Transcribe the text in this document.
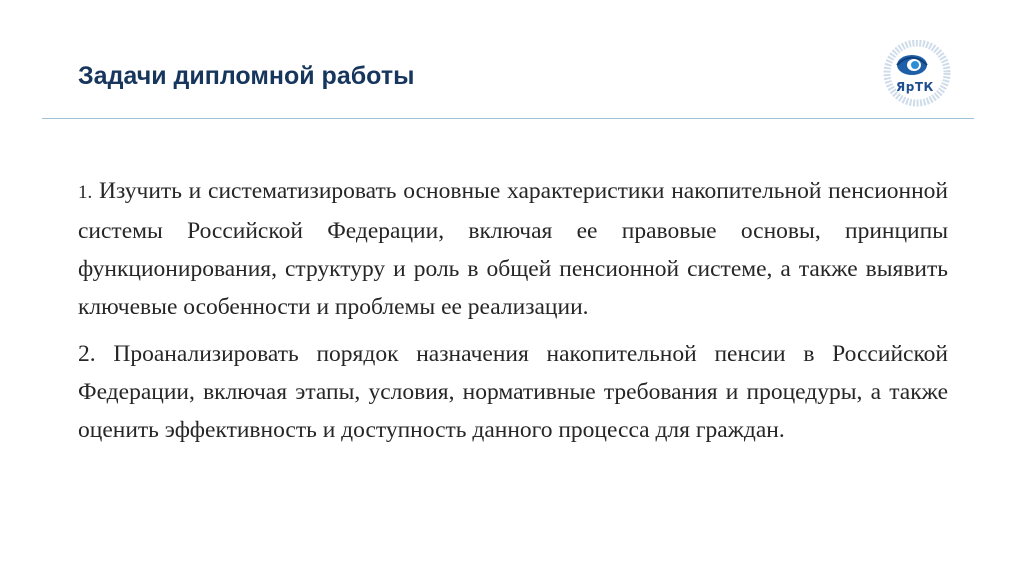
Задачи дипломной работы	ЯрТК

1. Изучить и систематизировать основные характеристики накопительной пенсионной системы Российской Федерации, включая ее правовые основы, принципы функционирования, структуру и роль в общей пенсионной системе, а также выявить ключевые особенности и проблемы ее реализации.

2. Проанализировать порядок назначения накопительной пенсии в Российской Федерации, включая этапы, условия, нормативные требования и процедуры, а также оценить эффективность и доступность данного процесса для граждан.
